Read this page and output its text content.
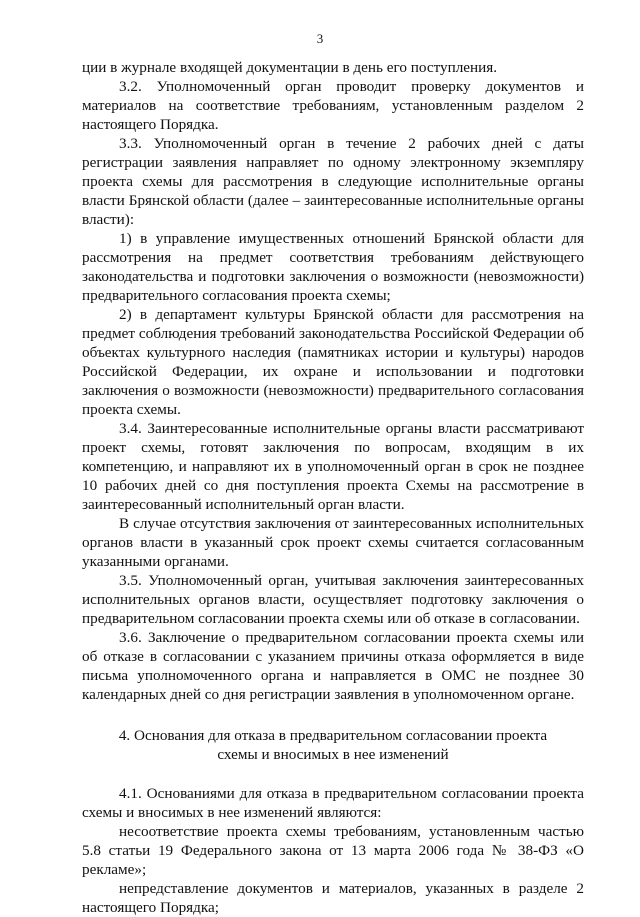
3

ции в журнале входящей документации в день его поступления.

3.2. Уполномоченный орган проводит проверку документов и материалов на соответствие требованиям, установленным разделом 2 настоящего Порядка.

3.3. Уполномоченный орган в течение 2 рабочих дней с даты регистрации заявления направляет по одному электронному экземпляру проекта схемы для рассмотрения в следующие исполнительные органы власти Брянской области (далее – заинтересованные исполнительные органы власти):

1) в управление имущественных отношений Брянской области для рассмотрения на предмет соответствия требованиям действующего законодательства и подготовки заключения о возможности (невозможности) предварительного согласования проекта схемы;

2) в департамент культуры Брянской области для рассмотрения на предмет соблюдения требований законодательства Российской Федерации об объектах культурного наследия (памятниках истории и культуры) народов Российской Федерации, их охране и использовании и подготовки заключения о возможности (невозможности) предварительного согласования проекта схемы.

3.4. Заинтересованные исполнительные органы власти рассматривают проект схемы, готовят заключения по вопросам, входящим в их компетенцию, и направляют их в уполномоченный орган в срок не позднее 10 рабочих дней со дня поступления проекта Схемы на рассмотрение в заинтересованный исполнительный орган власти.

В случае отсутствия заключения от заинтересованных исполнительных органов власти в указанный срок проект схемы считается согласованным указанными органами.

3.5. Уполномоченный орган, учитывая заключения заинтересованных исполнительных органов власти, осуществляет подготовку заключения о предварительном согласовании проекта схемы или об отказе в согласовании.

3.6. Заключение о предварительном согласовании проекта схемы или об отказе в согласовании с указанием причины отказа оформляется в виде письма уполномоченного органа и направляется в ОМС не позднее 30 календарных дней со дня регистрации заявления в уполномоченном органе.

4. Основания для отказа в предварительном согласовании проекта
схемы и вносимых в нее изменений

4.1. Основаниями для отказа в предварительном согласовании проекта схемы и вносимых в нее изменений являются:

несоответствие проекта схемы требованиям, установленным частью 5.8 статьи 19 Федерального закона от 13 марта 2006 года № 38-ФЗ «О рекламе»;

непредставление документов и материалов, указанных в разделе 2 настоящего Порядка;
